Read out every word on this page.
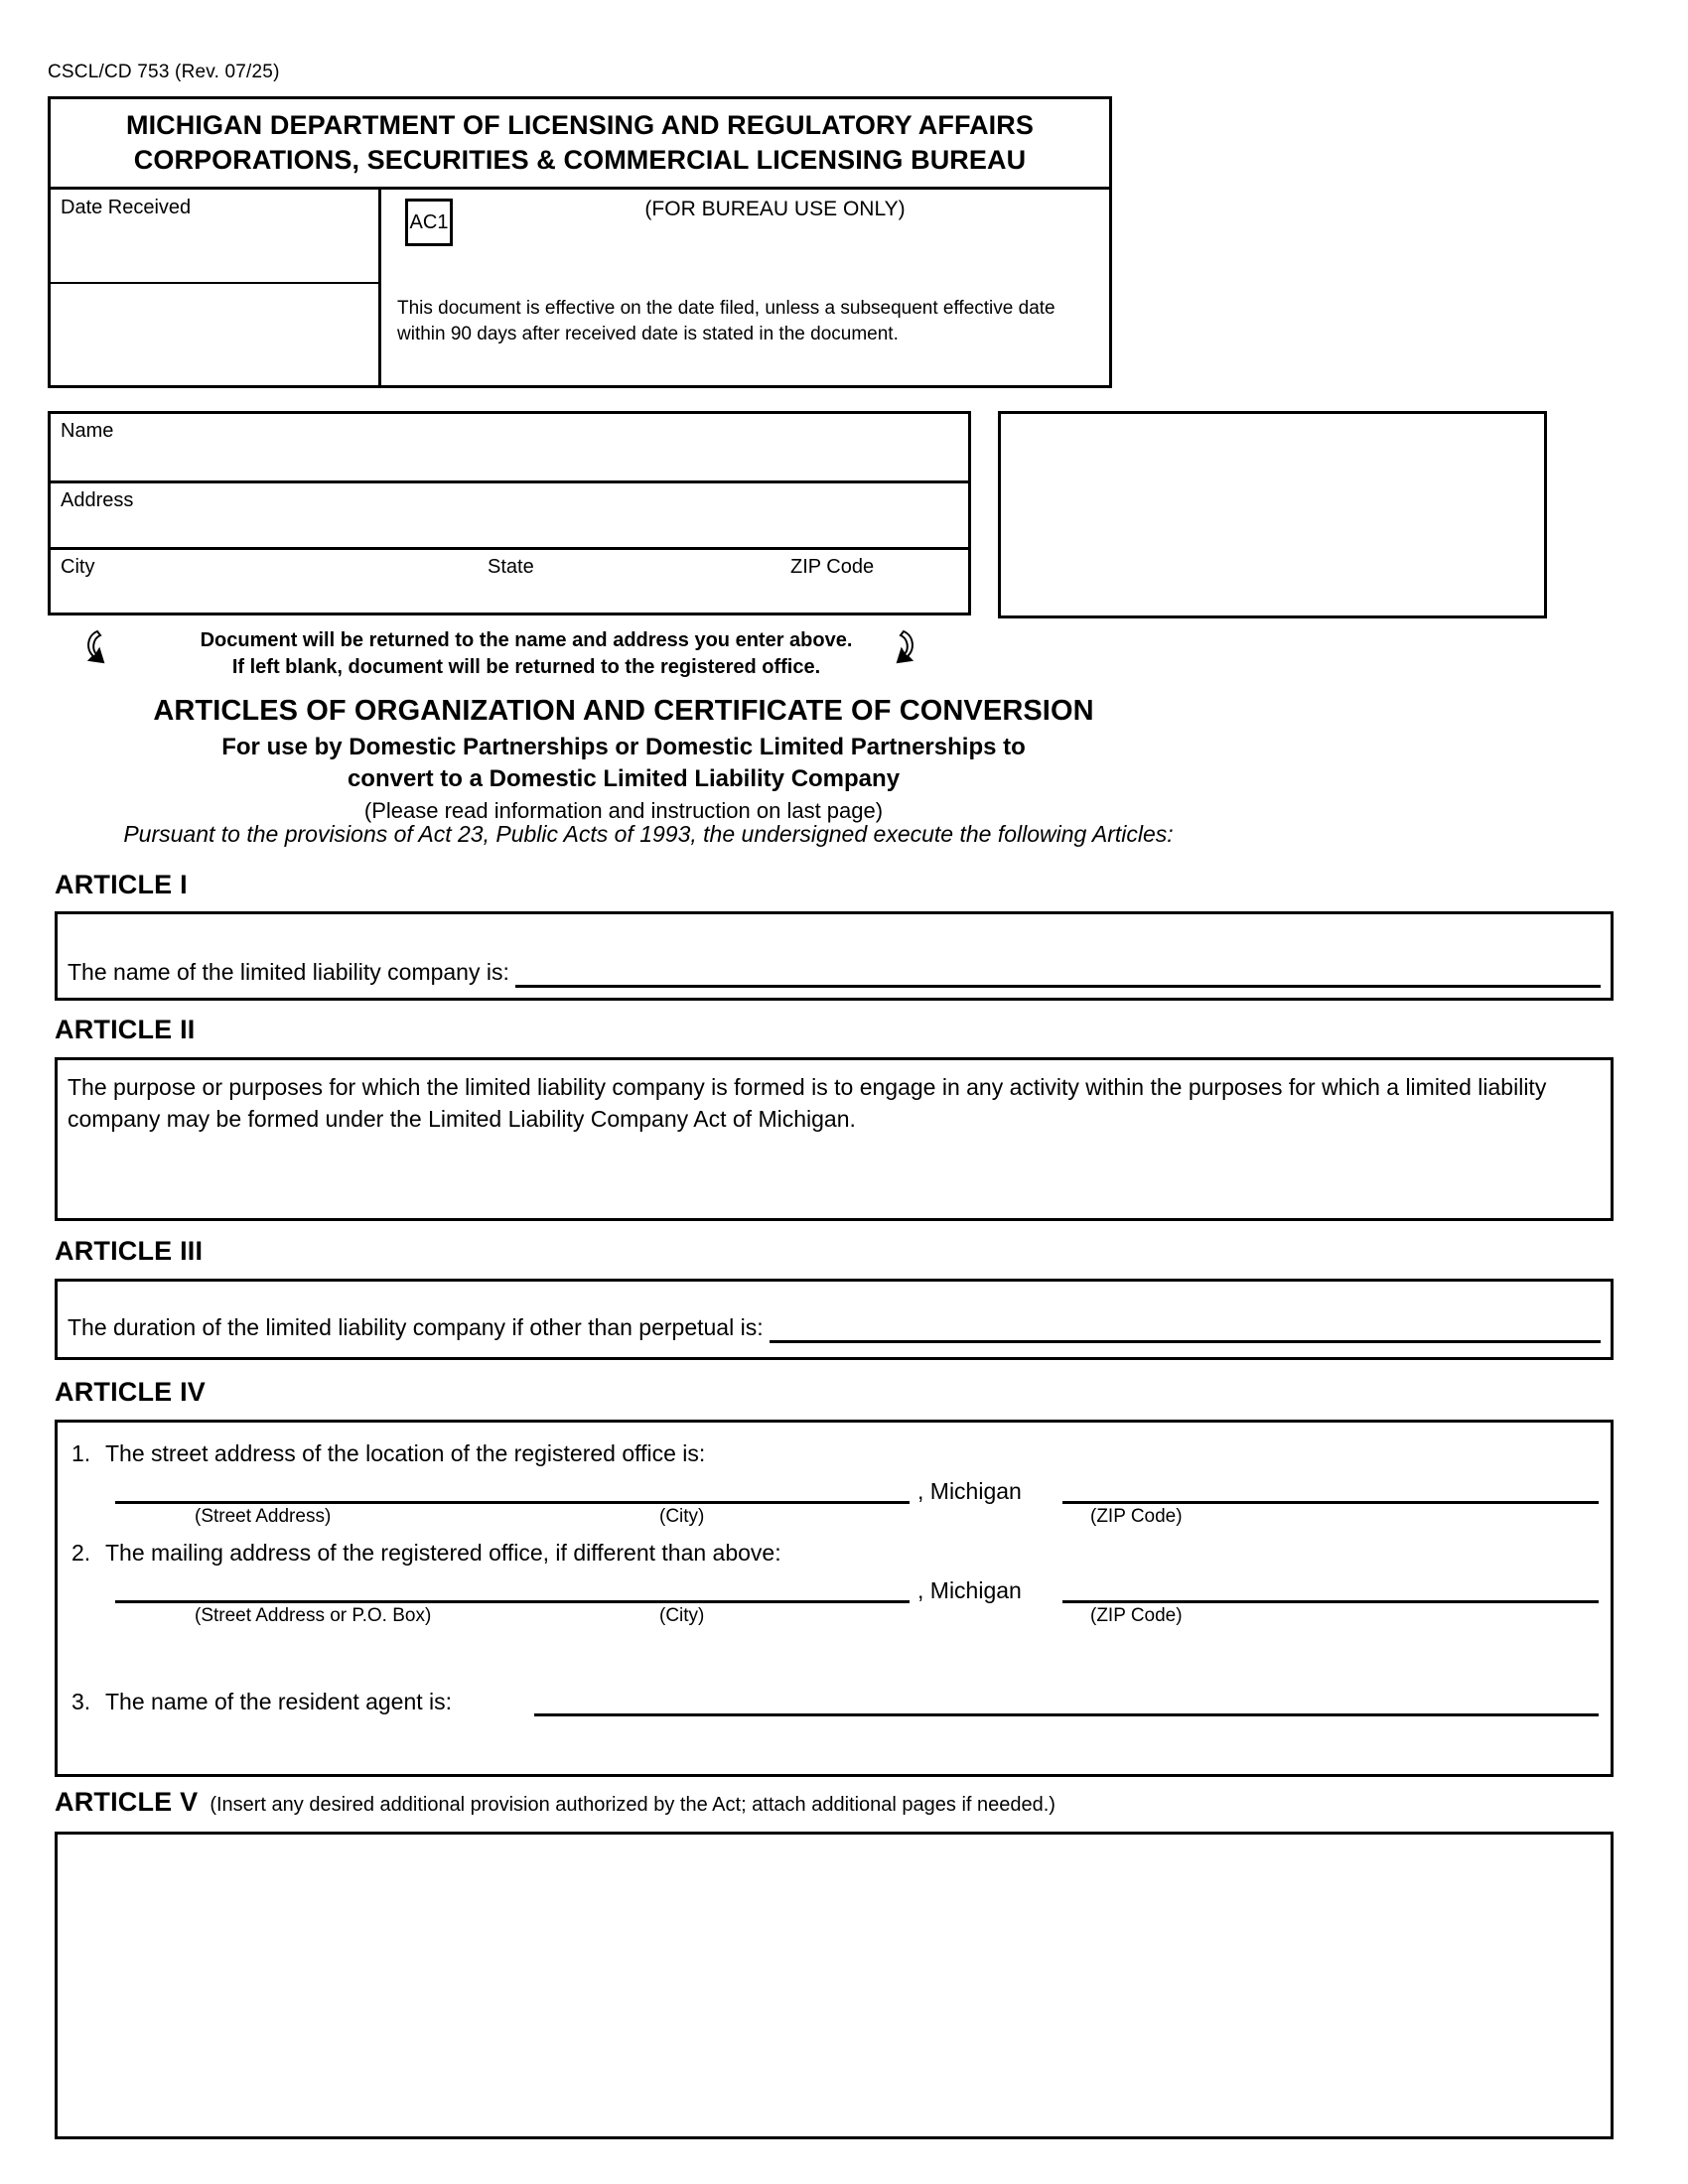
CSCL/CD 753 (Rev. 07/25)
MICHIGAN DEPARTMENT OF LICENSING AND REGULATORY AFFAIRS
CORPORATIONS, SECURITIES & COMMERCIAL LICENSING BUREAU
Date Received
AC1
(FOR BUREAU USE ONLY)
This document is effective on the date filed, unless a subsequent effective date within 90 days after received date is stated in the document.
Name
Address
City	State	ZIP Code
Document will be returned to the name and address you enter above.
If left blank, document will be returned to the registered office.
ARTICLES OF ORGANIZATION AND CERTIFICATE OF CONVERSION
For use by Domestic Partnerships or Domestic Limited Partnerships to
convert to a Domestic Limited Liability Company
(Please read information and instruction on last page)
Pursuant to the provisions of Act 23, Public Acts of 1993, the undersigned execute the following Articles:
ARTICLE I
The name of the limited liability company is:
ARTICLE II
The purpose or purposes for which the limited liability company is formed is to engage in any activity within the purposes for which a limited liability company may be formed under the Limited Liability Company Act of Michigan.
ARTICLE III
The duration of the limited liability company if other than perpetual is:
ARTICLE IV
1. The street address of the location of the registered office is:
, Michigan
(Street Address)	(City)	(ZIP Code)
2. The mailing address of the registered office, if different than above:
, Michigan
(Street Address or P.O. Box)	(City)	(ZIP Code)
3. The name of the resident agent is:
ARTICLE V (Insert any desired additional provision authorized by the Act; attach additional pages if needed.)
